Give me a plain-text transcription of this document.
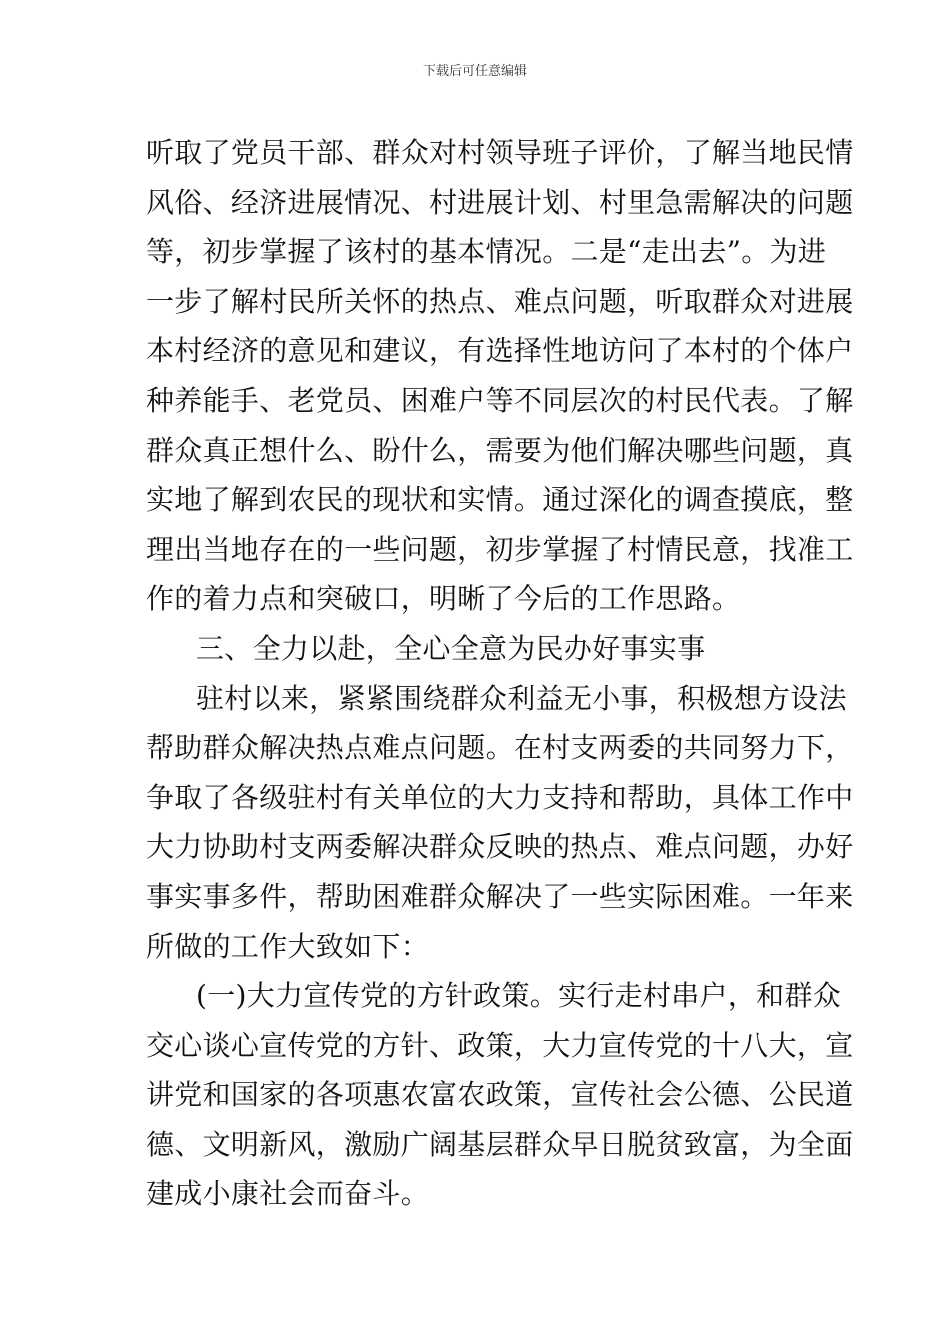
下载后可任意编辑
听取了党员干部、群众对村领导班子评价，了解当地民情
风俗、经济进展情况、村进展计划、村里急需解决的问题
等，初步掌握了该村的基本情况。二是“走出去”。为进
一步了解村民所关怀的热点、难点问题，听取群众对进展
本村经济的意见和建议，有选择性地访问了本村的个体户
种养能手、老党员、困难户等不同层次的村民代表。了解
群众真正想什么、盼什么，需要为他们解决哪些问题，真
实地了解到农民的现状和实情。通过深化的调查摸底，整
理出当地存在的一些问题，初步掌握了村情民意，找准工
作的着力点和突破口，明晰了今后的工作思路。
三、全力以赴，全心全意为民办好事实事
驻村以来，紧紧围绕群众利益无小事，积极想方设法
帮助群众解决热点难点问题。在村支两委的共同努力下，
争取了各级驻村有关单位的大力支持和帮助，具体工作中
大力协助村支两委解决群众反映的热点、难点问题，办好
事实事多件，帮助困难群众解决了一些实际困难。一年来
所做的工作大致如下：
(一)大力宣传党的方针政策。实行走村串户，和群众
交心谈心宣传党的方针、政策，大力宣传党的十八大，宣
讲党和国家的各项惠农富农政策，宣传社会公德、公民道
德、文明新风，激励广阔基层群众早日脱贫致富，为全面
建成小康社会而奋斗。
